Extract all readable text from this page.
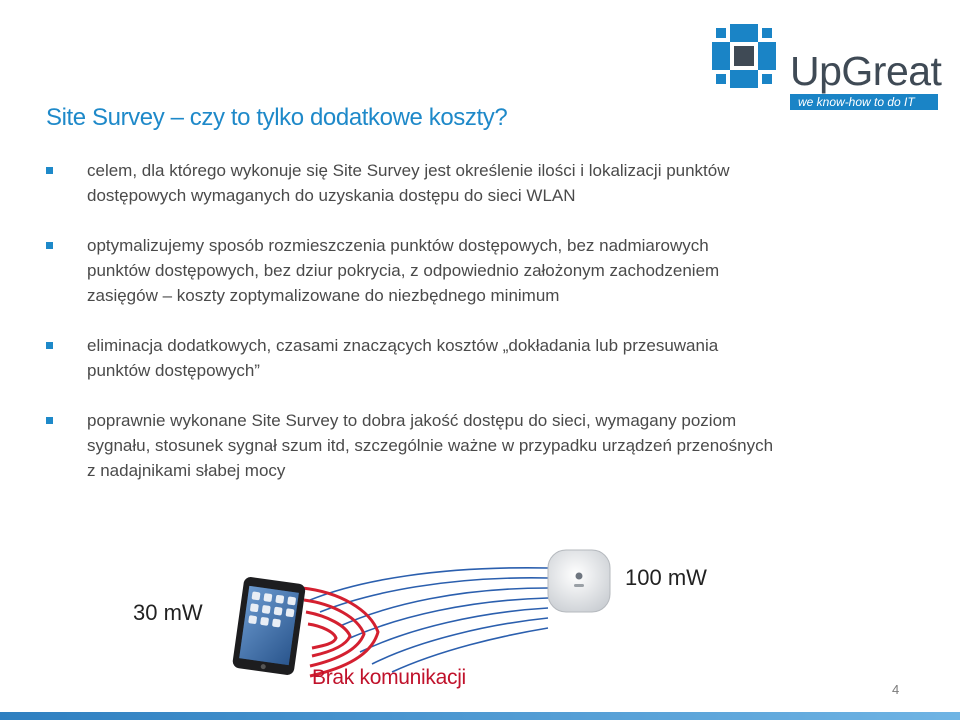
UpGreat
we know-how to do IT
Site Survey – czy to tylko dodatkowe koszty?
celem, dla którego wykonuje się Site Survey jest określenie ilości i lokalizacji punktów dostępowych wymaganych do uzyskania dostępu do sieci WLAN
optymalizujemy sposób rozmieszczenia punktów dostępowych, bez nadmiarowych punktów dostępowych, bez dziur pokrycia, z odpowiednio założonym zachodzeniem zasięgów – koszty zoptymalizowane do niezbędnego minimum
eliminacja dodatkowych, czasami znaczących kosztów „dokładania lub przesuwania punktów dostępowych”
poprawnie wykonane Site Survey to dobra jakość dostępu do sieci, wymagany poziom sygnału, stosunek sygnał szum itd, szczególnie ważne w przypadku urządzeń przenośnych z nadajnikami słabej mocy
30 mW
100 mW
Brak komunikacji
4
